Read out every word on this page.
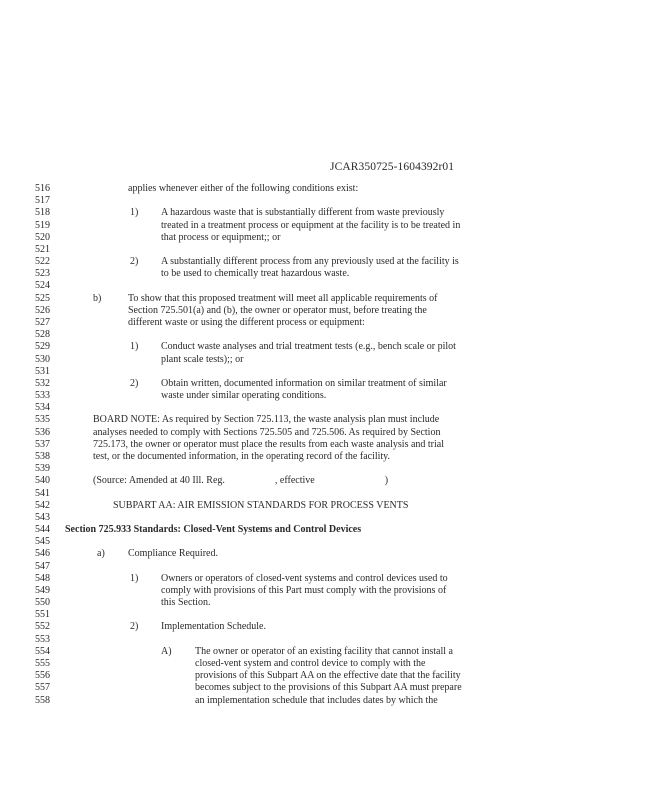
JCAR350725-1604392r01
516	applies whenever either of the following conditions exist:
517
518	1) A hazardous waste that is substantially different from waste previously
519	treated in a treatment process or equipment at the facility is to be treated in
520	that process or equipment;; or
521
522	2) A substantially different process from any previously used at the facility is
523	to be used to chemically treat hazardous waste.
524
525	b)	To show that this proposed treatment will meet all applicable requirements of
526	Section 725.501(a) and (b), the owner or operator must, before treating the
527	different waste or using the different process or equipment:
528
529	1) Conduct waste analyses and trial treatment tests (e.g., bench scale or pilot
530	plant scale tests);; or
531
532	2) Obtain written, documented information on similar treatment of similar
533	waste under similar operating conditions.
534
535	BOARD NOTE: As required by Section 725.113, the waste analysis plan must include
536	analyses needed to comply with Sections 725.505 and 725.506. As required by Section
537	725.173, the owner or operator must place the results from each waste analysis and trial
538	test, or the documented information, in the operating record of the facility.
539
540	(Source: Amended at 40 Ill. Reg.	, effective	)
541
542	SUBPART AA: AIR EMISSION STANDARDS FOR PROCESS VENTS
543
544	Section 725.933 Standards: Closed-Vent Systems and Control Devices
545
546	a) Compliance Required.
547
548	1) Owners or operators of closed-vent systems and control devices used to
549	comply with provisions of this Part must comply with the provisions of
550	this Section.
551
552	2) Implementation Schedule.
553
554	A) The owner or operator of an existing facility that cannot install a
555	closed-vent system and control device to comply with the
556	provisions of this Subpart AA on the effective date that the facility
557	becomes subject to the provisions of this Subpart AA must prepare
558	an implementation schedule that includes dates by which the
